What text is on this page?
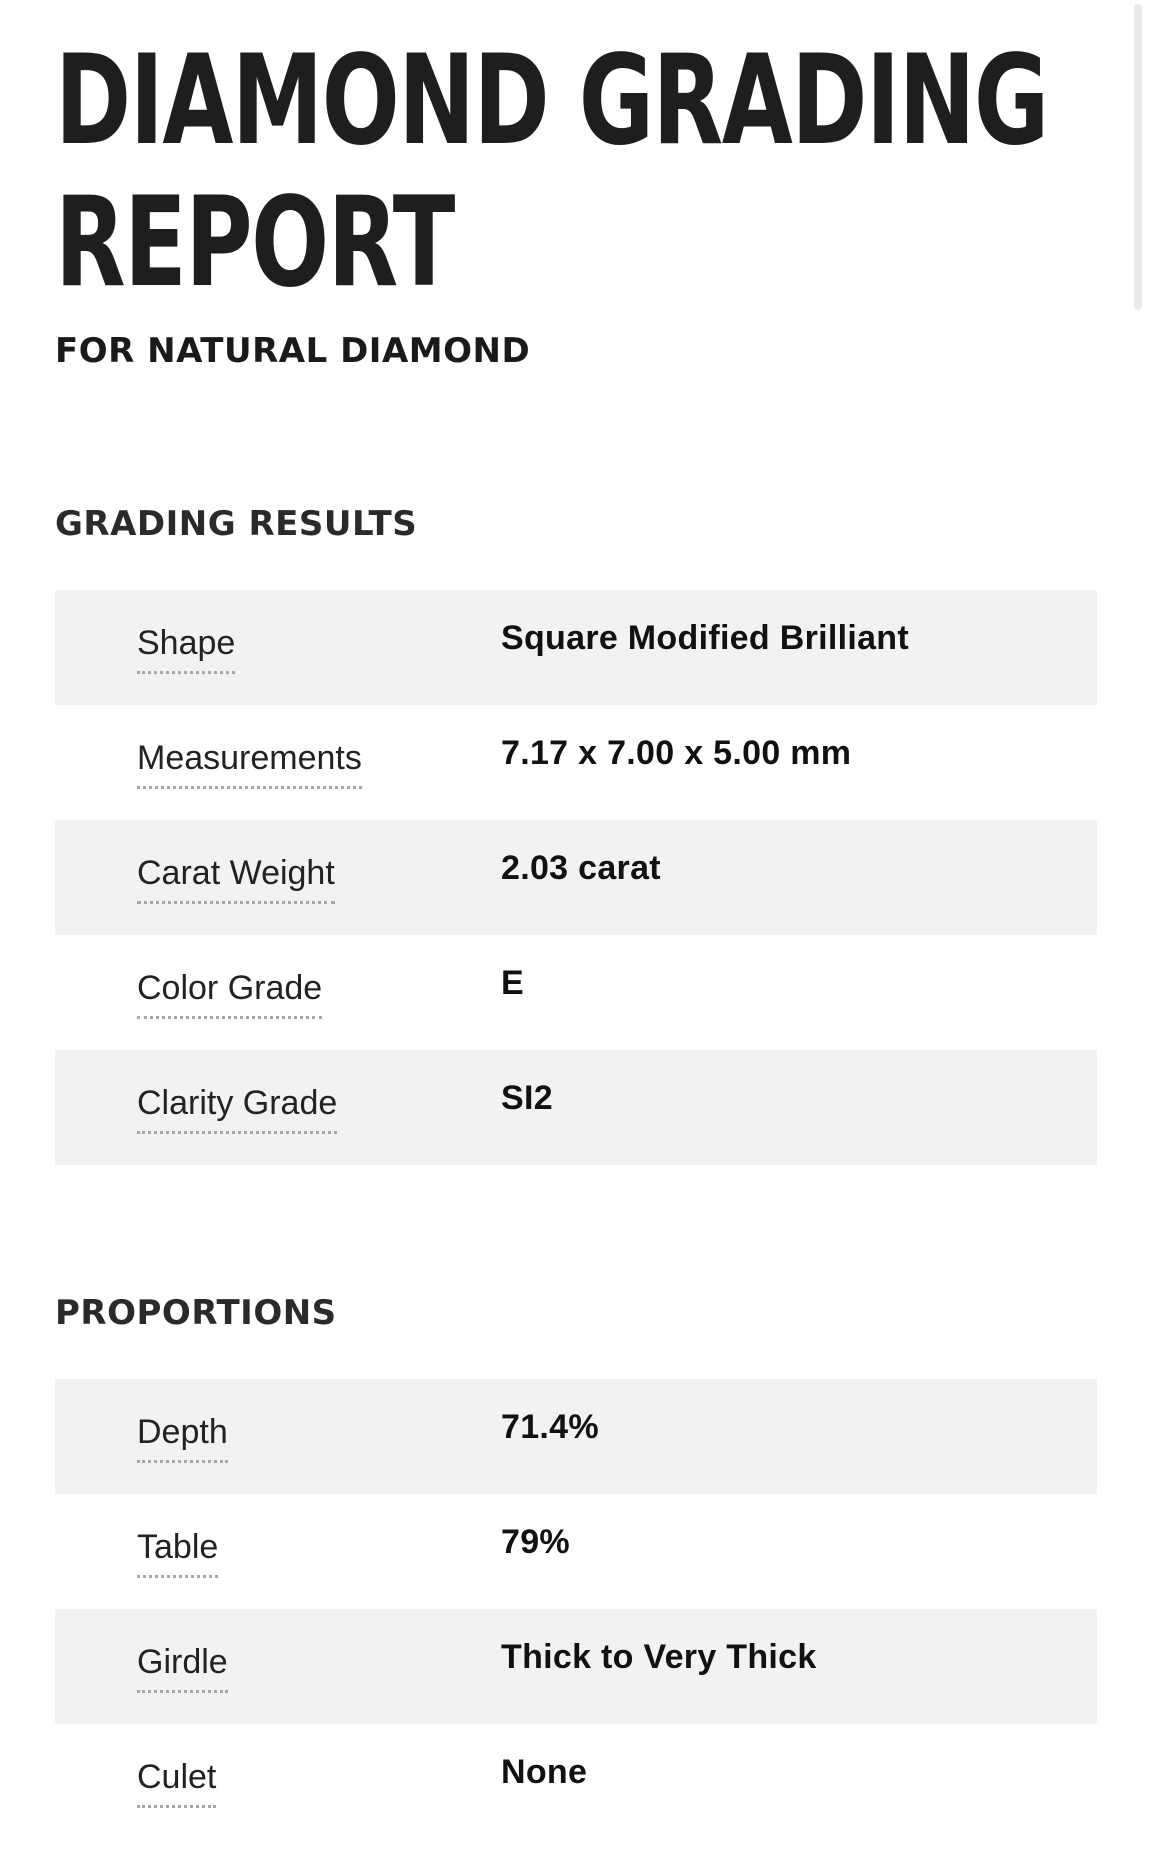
DIAMOND GRADING
REPORT
FOR NATURAL DIAMOND
GRADING RESULTS
Shape	Square Modified Brilliant
Measurements	7.17 x 7.00 x 5.00 mm
Carat Weight	2.03 carat
Color Grade	E
Clarity Grade	SI2
PROPORTIONS
Depth	71.4%
Table	79%
Girdle	Thick to Very Thick
Culet	None
